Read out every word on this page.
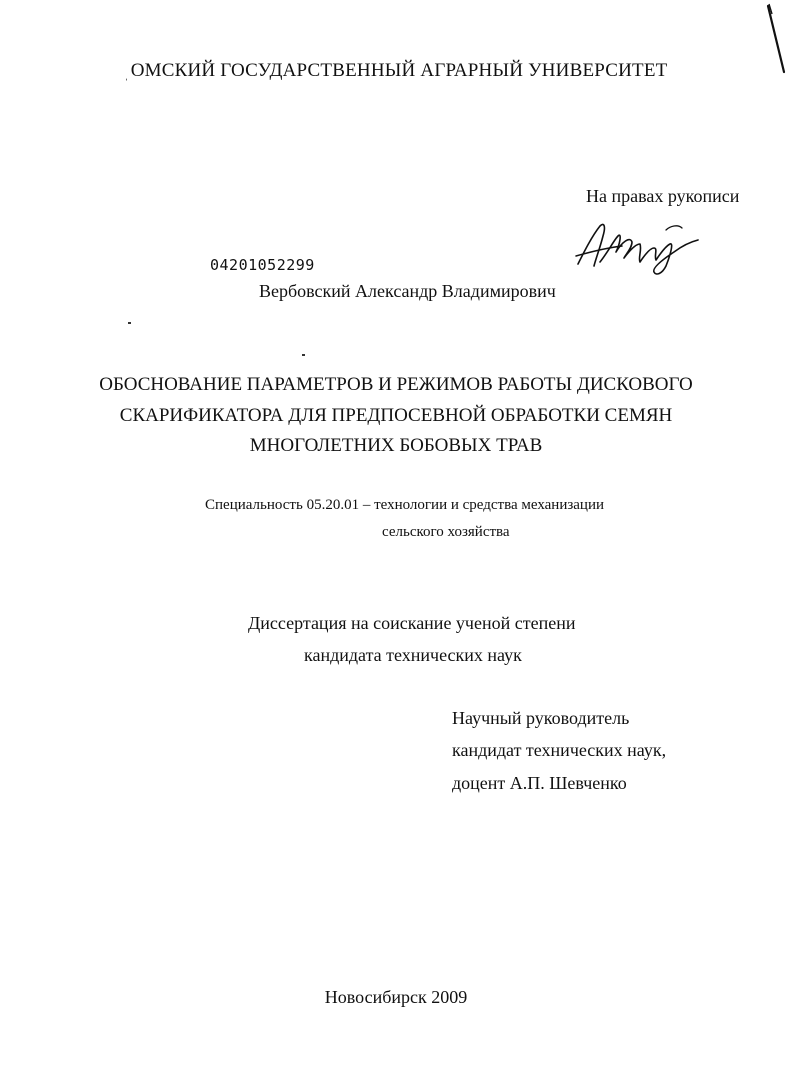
ˌ ОМСКИЙ ГОСУДАРСТВЕННЫЙ АГРАРНЫЙ УНИВЕРСИТЕТ
На правах рукописи
04201052299
Вербовский Александр Владимирович
ОБОСНОВАНИЕ ПАРАМЕТРОВ И РЕЖИМОВ РАБОТЫ ДИСКОВОГО
СКАРИФИКАТОРА ДЛЯ ПРЕДПОСЕВНОЙ ОБРАБОТКИ СЕМЯН
МНОГОЛЕТНИХ БОБОВЫХ ТРАВ
Специальность 05.20.01 – технологии и средства механизации
сельского хозяйства
Диссертация на соискание ученой степени
кандидата технических наук
Научный руководитель
кандидат технических наук,
доцент А.П. Шевченко
Новосибирск 2009
